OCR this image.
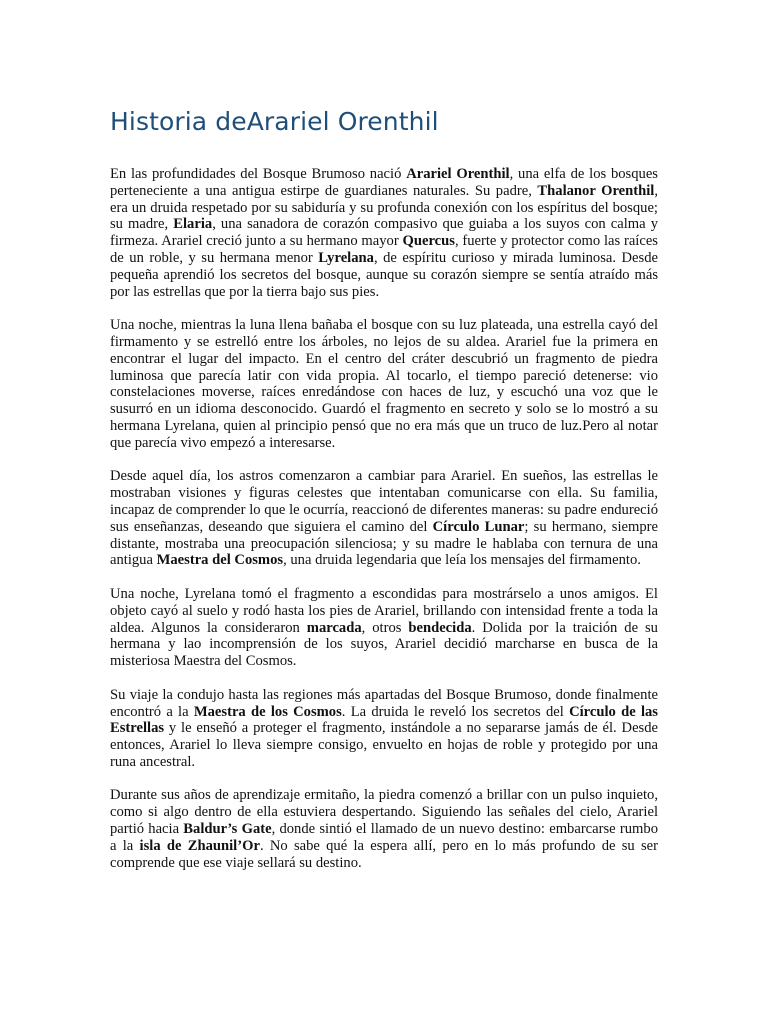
Historia deArariel Orenthil

En las profundidades del Bosque Brumoso nació Arariel Orenthil, una elfa de los bosques perteneciente a una antigua estirpe de guardianes naturales. Su padre, Thalanor Orenthil, era un druida respetado por su sabiduría y su profunda conexión con los espíritus del bosque; su madre, Elaria, una sanadora de corazón compasivo que guiaba a los suyos con calma y firmeza. Arariel creció junto a su hermano mayor Quercus, fuerte y protector como las raíces de un roble, y su hermana menor Lyrelana, de espíritu curioso y mirada luminosa. Desde pequeña aprendió los secretos del bosque, aunque su corazón siempre se sentía atraído más por las estrellas que por la tierra bajo sus pies.

Una noche, mientras la luna llena bañaba el bosque con su luz plateada, una estrella cayó del firmamento y se estrelló entre los árboles, no lejos de su aldea. Arariel fue la primera en encontrar el lugar del impacto. En el centro del cráter descubrió un fragmento de piedra luminosa que parecía latir con vida propia. Al tocarlo, el tiempo pareció detenerse: vio constelaciones moverse, raíces enredándose con haces de luz, y escuchó una voz que le susurró en un idioma desconocido. Guardó el fragmento en secreto y solo se lo mostró a su hermana Lyrelana, quien al principio pensó que no era más que un truco de luz.Pero al notar que parecía vivo empezó a interesarse.

Desde aquel día, los astros comenzaron a cambiar para Arariel. En sueños, las estrellas le mostraban visiones y figuras celestes que intentaban comunicarse con ella. Su familia, incapaz de comprender lo que le ocurría, reaccionó de diferentes maneras: su padre endureció sus enseñanzas, deseando que siguiera el camino del Círculo Lunar; su hermano, siempre distante, mostraba una preocupación silenciosa; y su madre le hablaba con ternura de una antigua Maestra del Cosmos, una druida legendaria que leía los mensajes del firmamento.

Una noche, Lyrelana tomó el fragmento a escondidas para mostrárselo a unos amigos. El objeto cayó al suelo y rodó hasta los pies de Arariel, brillando con intensidad frente a toda la aldea. Algunos la consideraron marcada, otros bendecida. Dolida por la traición de su hermana y lao incomprensión de los suyos, Arariel decidió marcharse en busca de la misteriosa Maestra del Cosmos.

Su viaje la condujo hasta las regiones más apartadas del Bosque Brumoso, donde finalmente encontró a la Maestra de los Cosmos. La druida le reveló los secretos del Círculo de las Estrellas y le enseñó a proteger el fragmento, instándole a no separarse jamás de él. Desde entonces, Arariel lo lleva siempre consigo, envuelto en hojas de roble y protegido por una runa ancestral.

Durante sus años de aprendizaje ermitaño, la piedra comenzó a brillar con un pulso inquieto, como si algo dentro de ella estuviera despertando. Siguiendo las señales del cielo, Arariel partió hacia Baldur’s Gate, donde sintió el llamado de un nuevo destino: embarcarse rumbo a la isla de Zhaunil’Or. No sabe qué la espera allí, pero en lo más profundo de su ser comprende que ese viaje sellará su destino.
